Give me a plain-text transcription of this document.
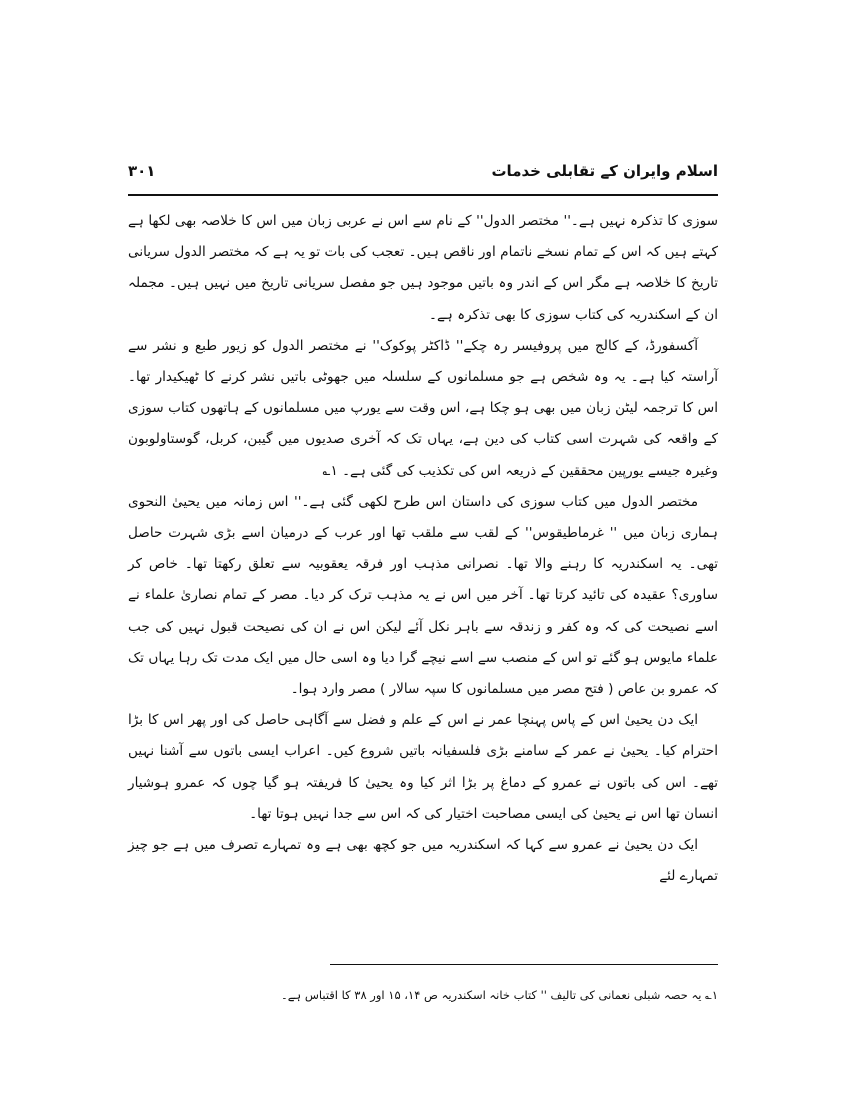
اسلام وایران کے تقابلی خدمات
۳۰۱

سوزی کا تذکرہ نہیں ہے۔'' مختصر الدول'' کے نام سے اس نے عربی زبان میں اس کا خلاصہ بھی لکھا ہے کہتے ہیں کہ اس کے تمام نسخے ناتمام اور ناقص ہیں۔ تعجب کی بات تو یہ ہے کہ مختصر الدول سریانی تاریخ کا خلاصہ ہے مگر اس کے اندر وہ باتیں موجود ہیں جو مفصل سریانی تاریخ میں نہیں ہیں۔ مجملہ ان کے اسکندریہ کی کتاب سوزی کا بھی تذکرہ ہے۔

آکسفورڈ، کے کالج میں پروفیسر رہ چکے'' ڈاکٹر پوکوک'' نے مختصر الدول کو زیور طبع و نشر سے آراستہ کیا ہے۔ یہ وہ شخص ہے جو مسلمانوں کے سلسلہ میں جھوٹی باتیں نشر کرنے کا ٹھیکیدار تھا۔ اس کا ترجمہ لیٹن زبان میں بھی ہو چکا ہے، اس وقت سے یورپ میں مسلمانوں کے ہاتھوں کتاب سوزی کے واقعہ کی شہرت اسی کتاب کی دین ہے، یہاں تک کہ آخری صدیوں میں گیبن، کربل، گوستاولوبون وغیرہ جیسے یورپین محققین کے ذریعہ اس کی تکذیب کی گئی ہے۔ ۱؎

مختصر الدول میں کتاب سوزی کی داستان اس طرح لکھی گئی ہے۔'' اس زمانہ میں یحییٰ النحوی ہماری زبان میں '' غرماطیقوس'' کے لقب سے ملقب تھا اور عرب کے درمیان اسے بڑی شہرت حاصل تھی۔ یہ اسکندریہ کا رہنے والا تھا۔ نصرانی مذہب اور فرقہ یعقوبیہ سے تعلق رکھتا تھا۔ خاص کر ساوری؟ عقیدہ کی تائید کرتا تھا۔ آخر میں اس نے یہ مذہب ترک کر دیا۔ مصر کے تمام نصاریٰ علماء نے اسے نصیحت کی کہ وہ کفر و زندقہ سے باہر نکل آئے لیکن اس نے ان کی نصیحت قبول نہیں کی جب علماء مایوس ہو گئے تو اس کے منصب سے اسے نیچے گرا دیا وہ اسی حال میں ایک مدت تک رہا یہاں تک کہ عمرو بن عاص ( فتح مصر میں مسلمانوں کا سپہ سالار ) مصر وارد ہوا۔

ایک دن یحییٰ اس کے پاس پہنچا عمر نے اس کے علم و فضل سے آگاہی حاصل کی اور پھر اس کا بڑا احترام کیا۔ یحییٰ نے عمر کے سامنے بڑی فلسفیانہ باتیں شروع کیں۔ اعراب ایسی باتوں سے آشنا نہیں تھے۔ اس کی باتوں نے عمرو کے دماغ پر بڑا اثر کیا وہ یحییٰ کا فریفتہ ہو گیا چوں کہ عمرو ہوشیار انسان تھا اس نے یحییٰ کی ایسی مصاحبت اختیار کی کہ اس سے جدا نہیں ہوتا تھا۔

ایک دن یحییٰ نے عمرو سے کہا کہ اسکندریہ میں جو کچھ بھی ہے وہ تمہارے تصرف میں ہے جو چیز تمہارے لئے

۱؎ یہ حصہ شبلی نعمانی کی تالیف '' کتاب خانہ اسکندریہ ص ۱۴، ۱۵ اور ۳۸ کا اقتباس ہے۔
